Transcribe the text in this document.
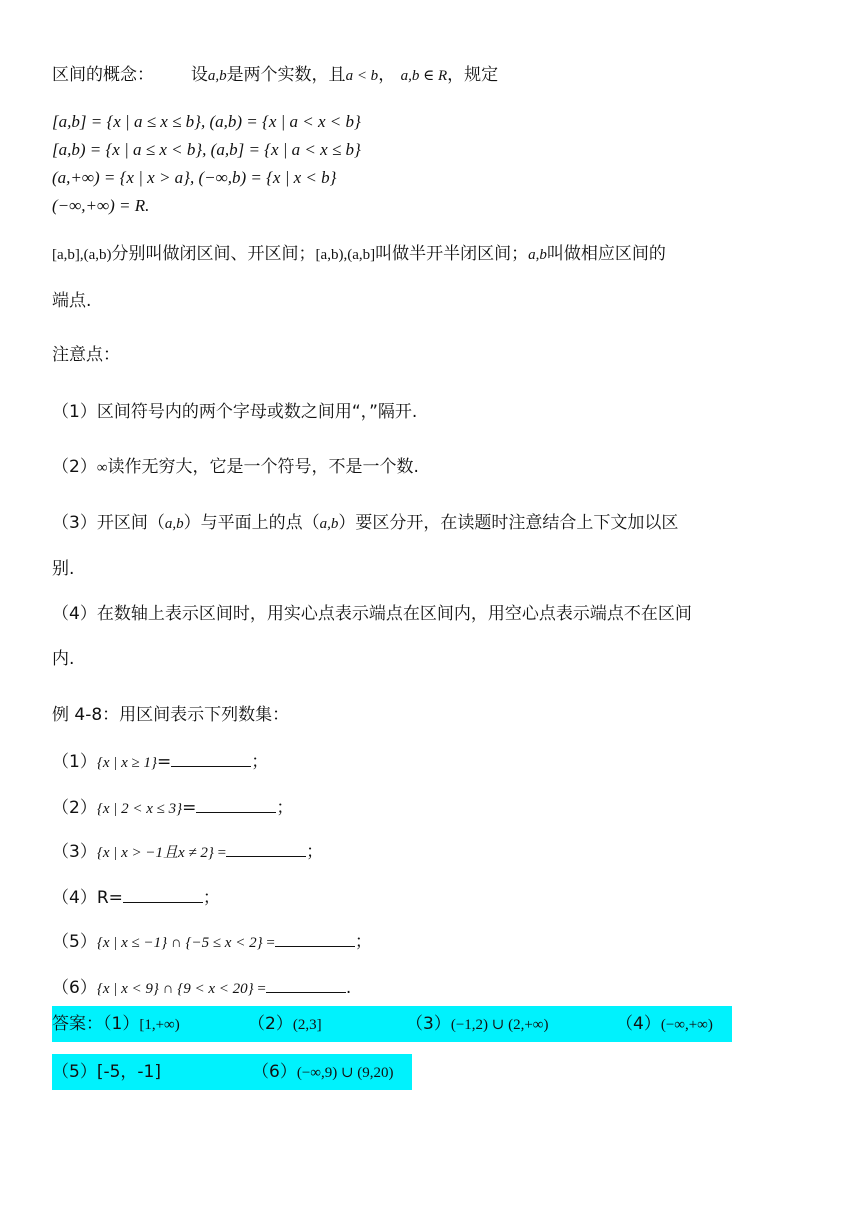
区间的概念： 设a,b是两个实数，且a < b， a,b ∈ R，规定
[a,b] = {x | a ≤ x ≤ b}, (a,b) = {x | a < x < b}
[a,b) = {x | a ≤ x < b}, (a,b] = {x | a < x ≤ b}
(a,+∞) = {x | x > a}, (−∞,b) = {x | x < b}
(−∞,+∞) = R.
[a,b],(a,b)分别叫做闭区间、开区间；[a,b),(a,b]叫做半开半闭区间；a,b叫做相应区间的
端点.
注意点：
（1）区间符号内的两个字母或数之间用“，”隔开.
（2）∞读作无穷大，它是一个符号，不是一个数.
（3）开区间（a,b）与平面上的点（a,b）要区分开，在读题时注意结合上下文加以区
别.
（4）在数轴上表示区间时，用实心点表示端点在区间内，用空心点表示端点不在区间
内.
例 4-8：用区间表示下列数集：
（1）{x | x ≥ 1}=	；
（2）{x | 2 < x ≤ 3}=	；
（3）{x | x > −1且x ≠ 2} =	；
（4）R=	；
（5）{x | x ≤ −1} ∩ {−5 ≤ x < 2} =	；
（6）{x | x < 9} ∩ {9 < x < 20} =	.
答案：（1）[1,+∞)	（2）(2,3]	（3）(−1,2) ∪ (2,+∞)	（4）(−∞,+∞)
（5）[-5，-1]	（6）(−∞,9) ∪ (9,20)
